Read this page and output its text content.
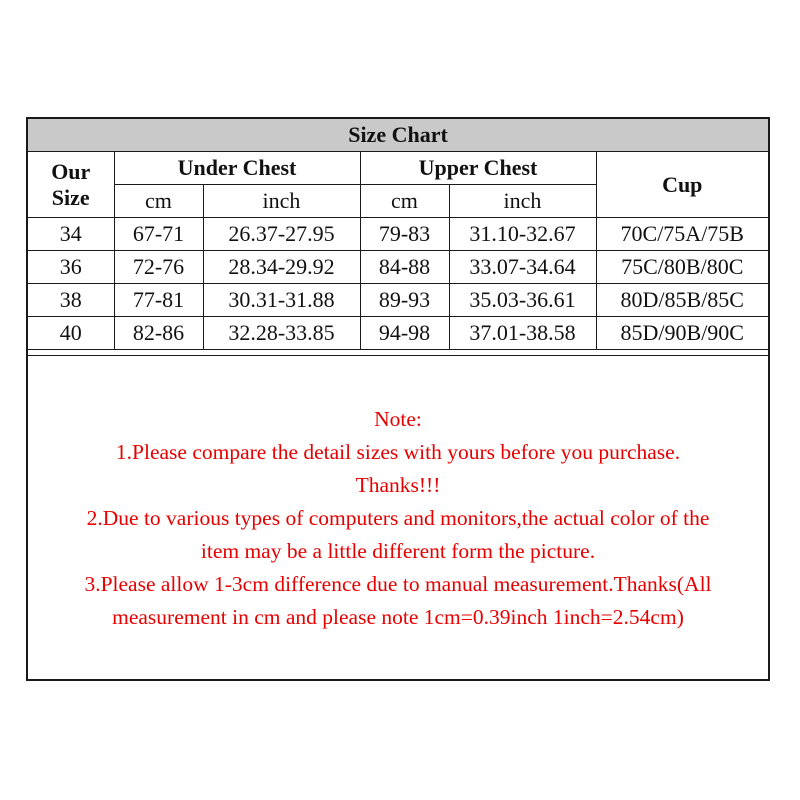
Size Chart					
Our
Size	Under Chest		Upper Chest		Cup
	cm	inch	cm	inch	
34	67-71	26.37-27.95	79-83	31.10-32.67	70C/75A/75B
36	72-76	28.34-29.92	84-88	33.07-34.64	75C/80B/80C
38	77-81	30.31-31.88	89-93	35.03-36.61	80D/85B/85C
40	82-86	32.28-33.85	94-98	37.01-38.58	85D/90B/90C
Note:
1.Please compare the detail sizes with yours before you purchase.
Thanks!!!
2.Due to various types of computers and monitors,the actual color of the
item may be a little different form the picture.
3.Please allow 1-3cm difference due to manual measurement.Thanks(All
measurement in cm and please note 1cm=0.39inch 1inch=2.54cm)
